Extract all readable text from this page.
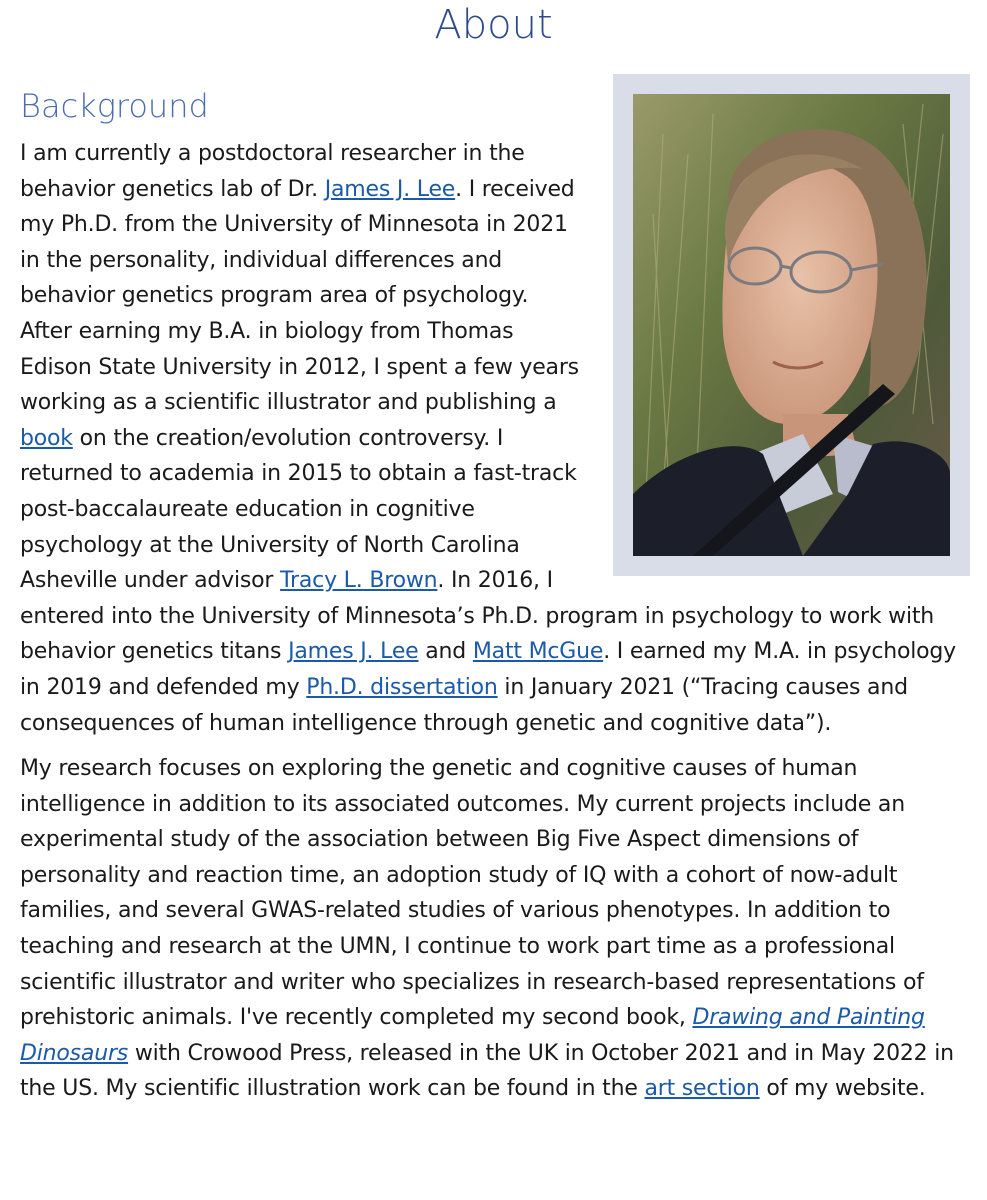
About
Background

I am currently a postdoctoral researcher in the behavior genetics lab of Dr. James J. Lee. I received my Ph.D. from the University of Minnesota in 2021 in the personality, individual differences and behavior genetics program area of psychology. After earning my B.A. in biology from Thomas Edison State University in 2012, I spent a few years working as a scientific illustrator and publishing a book on the creation/evolution controversy. I returned to academia in 2015 to obtain a fast-track post-baccalaureate education in cognitive psychology at the University of North Carolina Asheville under advisor Tracy L. Brown. In 2016, I entered into the University of Minnesota’s Ph.D. program in psychology to work with behavior genetics titans James J. Lee and Matt McGue. I earned my M.A. in psychology in 2019 and defended my Ph.D. dissertation in January 2021 (“Tracing causes and consequences of human intelligence through genetic and cognitive data”).

My research focuses on exploring the genetic and cognitive causes of human intelligence in addition to its associated outcomes. My current projects include an experimental study of the association between Big Five Aspect dimensions of personality and reaction time, an adoption study of IQ with a cohort of now-adult families, and several GWAS-related studies of various phenotypes. In addition to teaching and research at the UMN, I continue to work part time as a professional scientific illustrator and writer who specializes in research-based representations of prehistoric animals. I've recently completed my second book, Drawing and Painting Dinosaurs with Crowood Press, released in the UK in October 2021 and in May 2022 in the US. My scientific illustration work can be found in the art section of my website.
